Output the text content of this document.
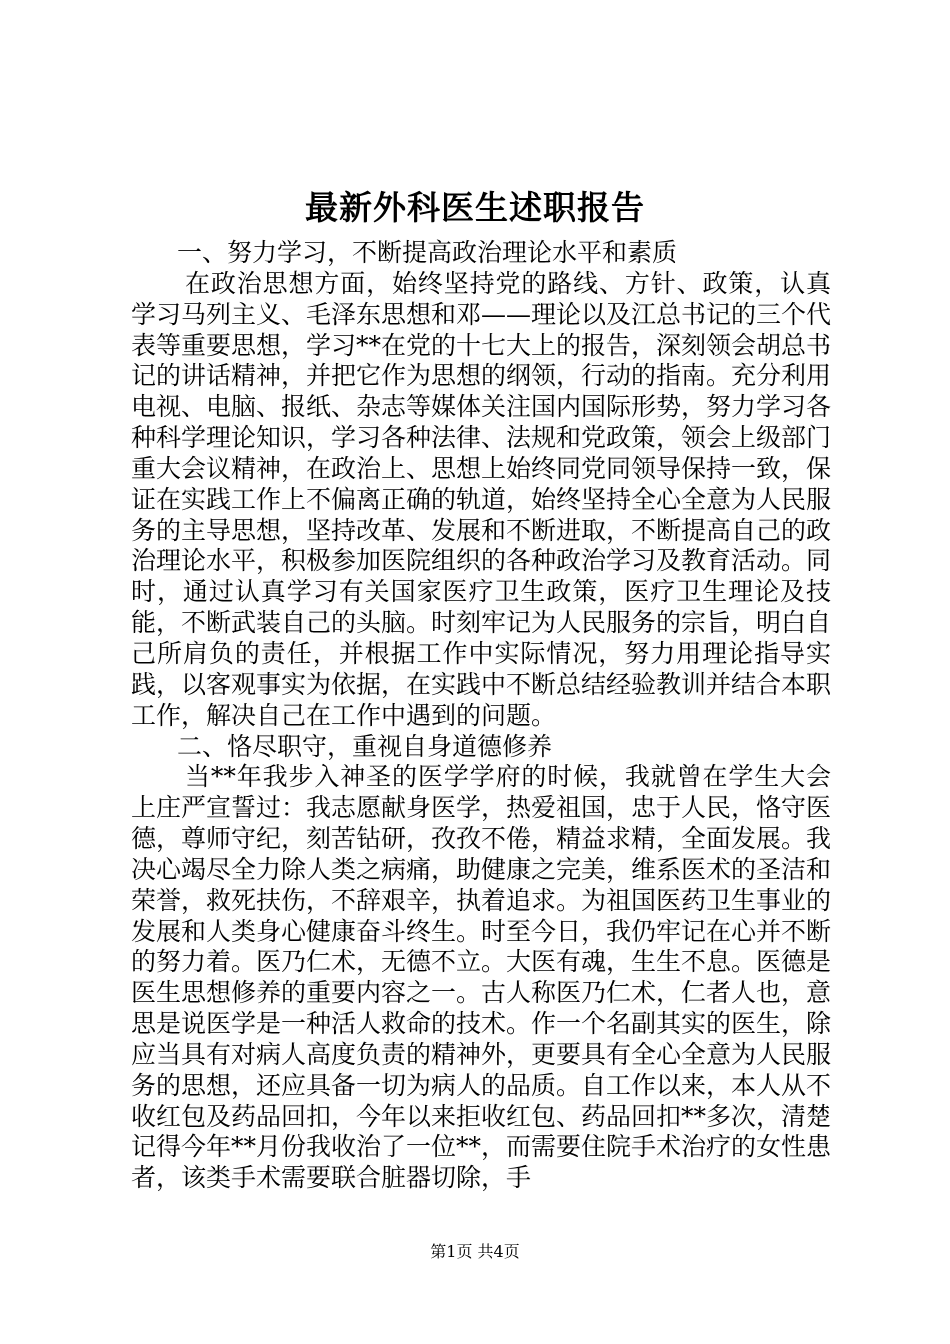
最新外科医生述职报告

一、努力学习，不断提高政治理论水平和素质

在政治思想方面，始终坚持党的路线、方针、政策，认真学习马列主义、毛泽东思想和邓——理论以及江总书记的三个代表等重要思想，学习**在党的十七大上的报告，深刻领会胡总书记的讲话精神，并把它作为思想的纲领，行动的指南。充分利用电视、电脑、报纸、杂志等媒体关注国内国际形势，努力学习各种科学理论知识，学习各种法律、法规和党政策，领会上级部门重大会议精神，在政治上、思想上始终同党同领导保持一致，保证在实践工作上不偏离正确的轨道，始终坚持全心全意为人民服务的主导思想，坚持改革、发展和不断进取，不断提高自己的政治理论水平，积极参加医院组织的各种政治学习及教育活动。同时，通过认真学习有关国家医疗卫生政策，医疗卫生理论及技能，不断武装自己的头脑。时刻牢记为人民服务的宗旨，明白自己所肩负的责任，并根据工作中实际情况，努力用理论指导实践，以客观事实为依据，在实践中不断总结经验教训并结合本职工作，解决自己在工作中遇到的问题。

二、恪尽职守，重视自身道德修养

当**年我步入神圣的医学学府的时候，我就曾在学生大会上庄严宣誓过：我志愿献身医学，热爱祖国，忠于人民，恪守医德，尊师守纪，刻苦钻研，孜孜不倦，精益求精，全面发展。我决心竭尽全力除人类之病痛，助健康之完美，维系医术的圣洁和荣誉，救死扶伤，不辞艰辛，执着追求。为祖国医药卫生事业的发展和人类身心健康奋斗终生。时至今日，我仍牢记在心并不断的努力着。医乃仁术，无德不立。大医有魂，生生不息。医德是医生思想修养的重要内容之一。古人称医乃仁术，仁者人也，意思是说医学是一种活人救命的技术。作一个名副其实的医生，除应当具有对病人高度负责的精神外，更要具有全心全意为人民服务的思想，还应具备一切为病人的品质。自工作以来，本人从不收红包及药品回扣，今年以来拒收红包、药品回扣**多次，清楚记得今年**月份我收治了一位**，而需要住院手术治疗的女性患者，该类手术需要联合脏器切除，手

第1页 共4页
